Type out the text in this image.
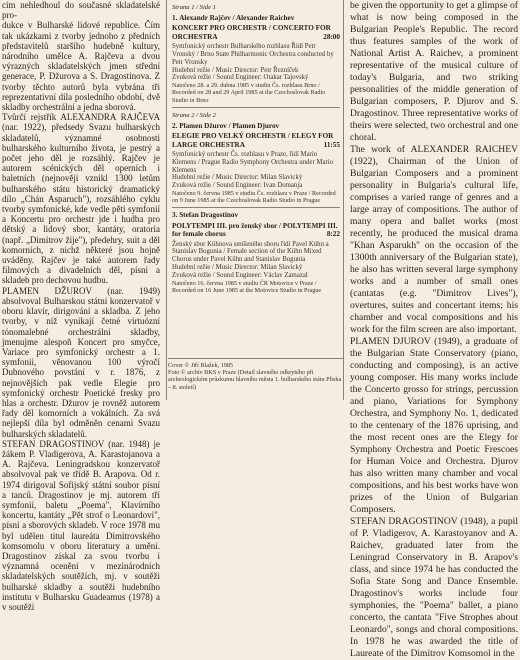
cím nehledhoul do současné skladatelské pro-

dukce v Bulharské lidové republice. Čím tak ukázkami z tvorby jednoho z předních představitelů staršího hudebně kultury, národního umělce A. Rajčeva a dvou výrazných skladatelských jmen střední generace, P. Džurova a S. Dragostinova. Z tvorby těchto autorů byla vybrána tři reprezentativní díla posledního období, dvě skladby orchestrální a jedna sborová.

Tvůrčí rejstřík ALEXANDRA RAJČEVA (nar. 1922), předsedy Svazu bulharských skladatelů, významné osobnosti bulharského kulturního života, je pestrý a počet jeho děl je rozsáhlý. Rajčev je autorem scénických děl operních i baletních (nejnověji vznikl 1300 letům bulharského státu historický dramatický dílo „Chán Asparuch"), rozsáhlého cyklu tvorby symfonické, kde vedle pěti symfonií a Koncertu pro orchestr jde i hudba pro dětský a lidový sbor, kantáty, oratoria (např. „Dimitrov žije"), předehry, suit a děl komorních, z nichž některé jsou hojně uváděny. Rajčev je také autorem řady filmových a divadelních děl, písní a skladeb pro dechovou hudbu.

PLAMEN DŽUROV (nar. 1949) absolvoval Bulharskou státní konzervatoř v oboru klavír, dirigování a skladba. Z jeho tvorby, v níž vynikají četné virtuózní tónomalebné orchestrální skladby, jmenujme alespoň Koncert pro smyčce, Variace pro symfonický orchestr a 1. symfonii, věnovanou 100 výročí Dubnového povstání v r. 1876, z nejnovějších pak vedle Elegie pro symfonický orchestr Poetické fresky pro hlas a orchestr. Džurov je rovněž autorem řady děl komorních a vokálních. Za svá nejlepší díla byl odměněn cenami Svazu bulharských skladatelů.

STEFAN DRAGOSTINOV (nar. 1948) je žákem P. Vladigerova, A. Karastojanova a A. Rajčeva. Leningradskou konzervatoř absolvoval pak ve třídě B. Arapova. Od r. 1974 dirigoval Sofijský státní soubor písní a tanců. Dragostinov je mj. autorem tří symfonií, baletu „Poema", Klavírního koncertu, kantáty „Pět strof o Leonardovi", písní a sborových skladeb. V roce 1978 mu byl udělen titul laureáta Dimitrovského komsomolu v oboru literatury a umění. Dragostinov získal za svou tvorbu i významná ocenění v mezinárodních skladatelských soutěžích, mj. v soutěži bulharské skladby a soutěži hudebního institutu v Bulharsku Guadeamus (1978) a v soutěži

Strana 1 / Side 1

1. Alexandr Rajčev / Alexander Raichev

KONCERT PRO ORCHESTR / CONCERTO FOR ORCHESTRA	28:00

Symfonický orchestr Bulharského rozhlasu Řídí Petr Vronský / Brno State Philharmonic Orchestra conducted by Petr Vronsky

Hudební režie / Music Director: Petr Řezníček

Zvuková režie / Sound Engineer: Otakar Tajovský

Natočeno 28. a 29. dubna 1985 v studiu Čs. rozhlasu Brno / Recorded on 28 and 29 April 1985 at the Czechoslovak Radio Studio in Brno

Strana 2 / Side 2

2. Plamen Džurov / Plamen Djurov

ELEGIE PRO VELKÝ ORCHESTR / ELEGY FOR LARGE ORCHESTRA	11:55

Symfonický orchestr Čs. rozhlasu v Praze, řídí Mario Klemens / Prague Radio Symphony Orchestra under Mario Klemens

Hudební režie / Music Director: Milan Slavický

Zvuková režie / Sound Engineer: Ivan Domanja

Natočeno 9. června 1985 v studiu Čs. rozhlasu v Praze / Recorded on 9 June 1985 at the Czechoslovak Radio Studio in Prague

3. Stefan Dragostinov

POLYTEMPI III. pro ženský sbor / POLYTEMPI III. for female chorus	8:22

Ženský sbor Kühnova smíšeného sboru řídí Pavel Kühn a Stanislav Bogunia / Female section of the Kühn Mixed Chorus under Pavel Kühn and Stanislav Bogunia

Hudební režie / Music Director: Milan Slavický

Zvuková režie / Sound Engineer: Václav Zamazal

Natočeno 16. června 1985 v studiu ČR Motovice v Praze / Recorded on 16 June 1985 at the Motovice Studio in Prague

Cover © Jiří Blažek, 1985

Foto © archív BKS v Praze (Detail slavného odkrytého při archeologickém průzkumu hlavního města 1. bulharského státu Pliska – 8. století)

be given the opportunity to get a glimpse of what is now being composed in the Bulgarian People's Republic. The record thus features samples of the work of National Artist A. Raichev, a prominent representative of the musical culture of today's Bulgaria, and two striking personalities of the middle generation of Bulgarian composers, P. Djurov and S. Dragostinov. Three representative works of theirs were selected, two orchestral and one choral.

The work of ALEXANDER RAICHEV (1922), Chairman of the Union of Bulgarian Composers and a prominent personality in Bulgaria's cultural life, comprises a varied range of genres and a large array of compositions. The author of many opera and ballet works (most recently, he produced the musical drama "Khan Asparukh" on the occasion of the 1300th anniversary of the Bulgarian state), he also has written several large symphony works and a number of small ones (cantatas (e.g. "Dimitrov Lives"), overtures, suites and concertant items; his chamber and vocal compositions and his work for the film screen are also important.

PLAMEN DJUROV (1949), a graduate of the Bulgarian State Conservatory (piano, conducting and composing), is an active young composer. His many works include the Concerto grosso for strings, percussion and piano, Variations for Symphony Orchestra, and Symphony No. 1, dedicated to the centenary of the 1876 uprising, and the most recent ones are the Elegy for Symphony Orchestra and Poetic Frescoes for Human Voice and Orchestra. Djurov has also written many chamber and vocal compositions, and his best works have won prizes of the Union of Bulgarian Composers.

STEFAN DRAGOSTINOV (1948), a pupil of P. Vladigerov, A. Karastoyanov and A. Raichev, graduated later from the Leningrad Conservatory in B. Arapov's class, and since 1974 he has conducted the Sofia State Song and Dance Ensemble. Dragostinov's works include four symphonies, the "Poema" ballet, a piano concerto, the cantata "Five Strophes about Leonardo", songs and choral compositions. In 1978 he was awarded the title of Laureate of the Dimitrov Komsomol in the
